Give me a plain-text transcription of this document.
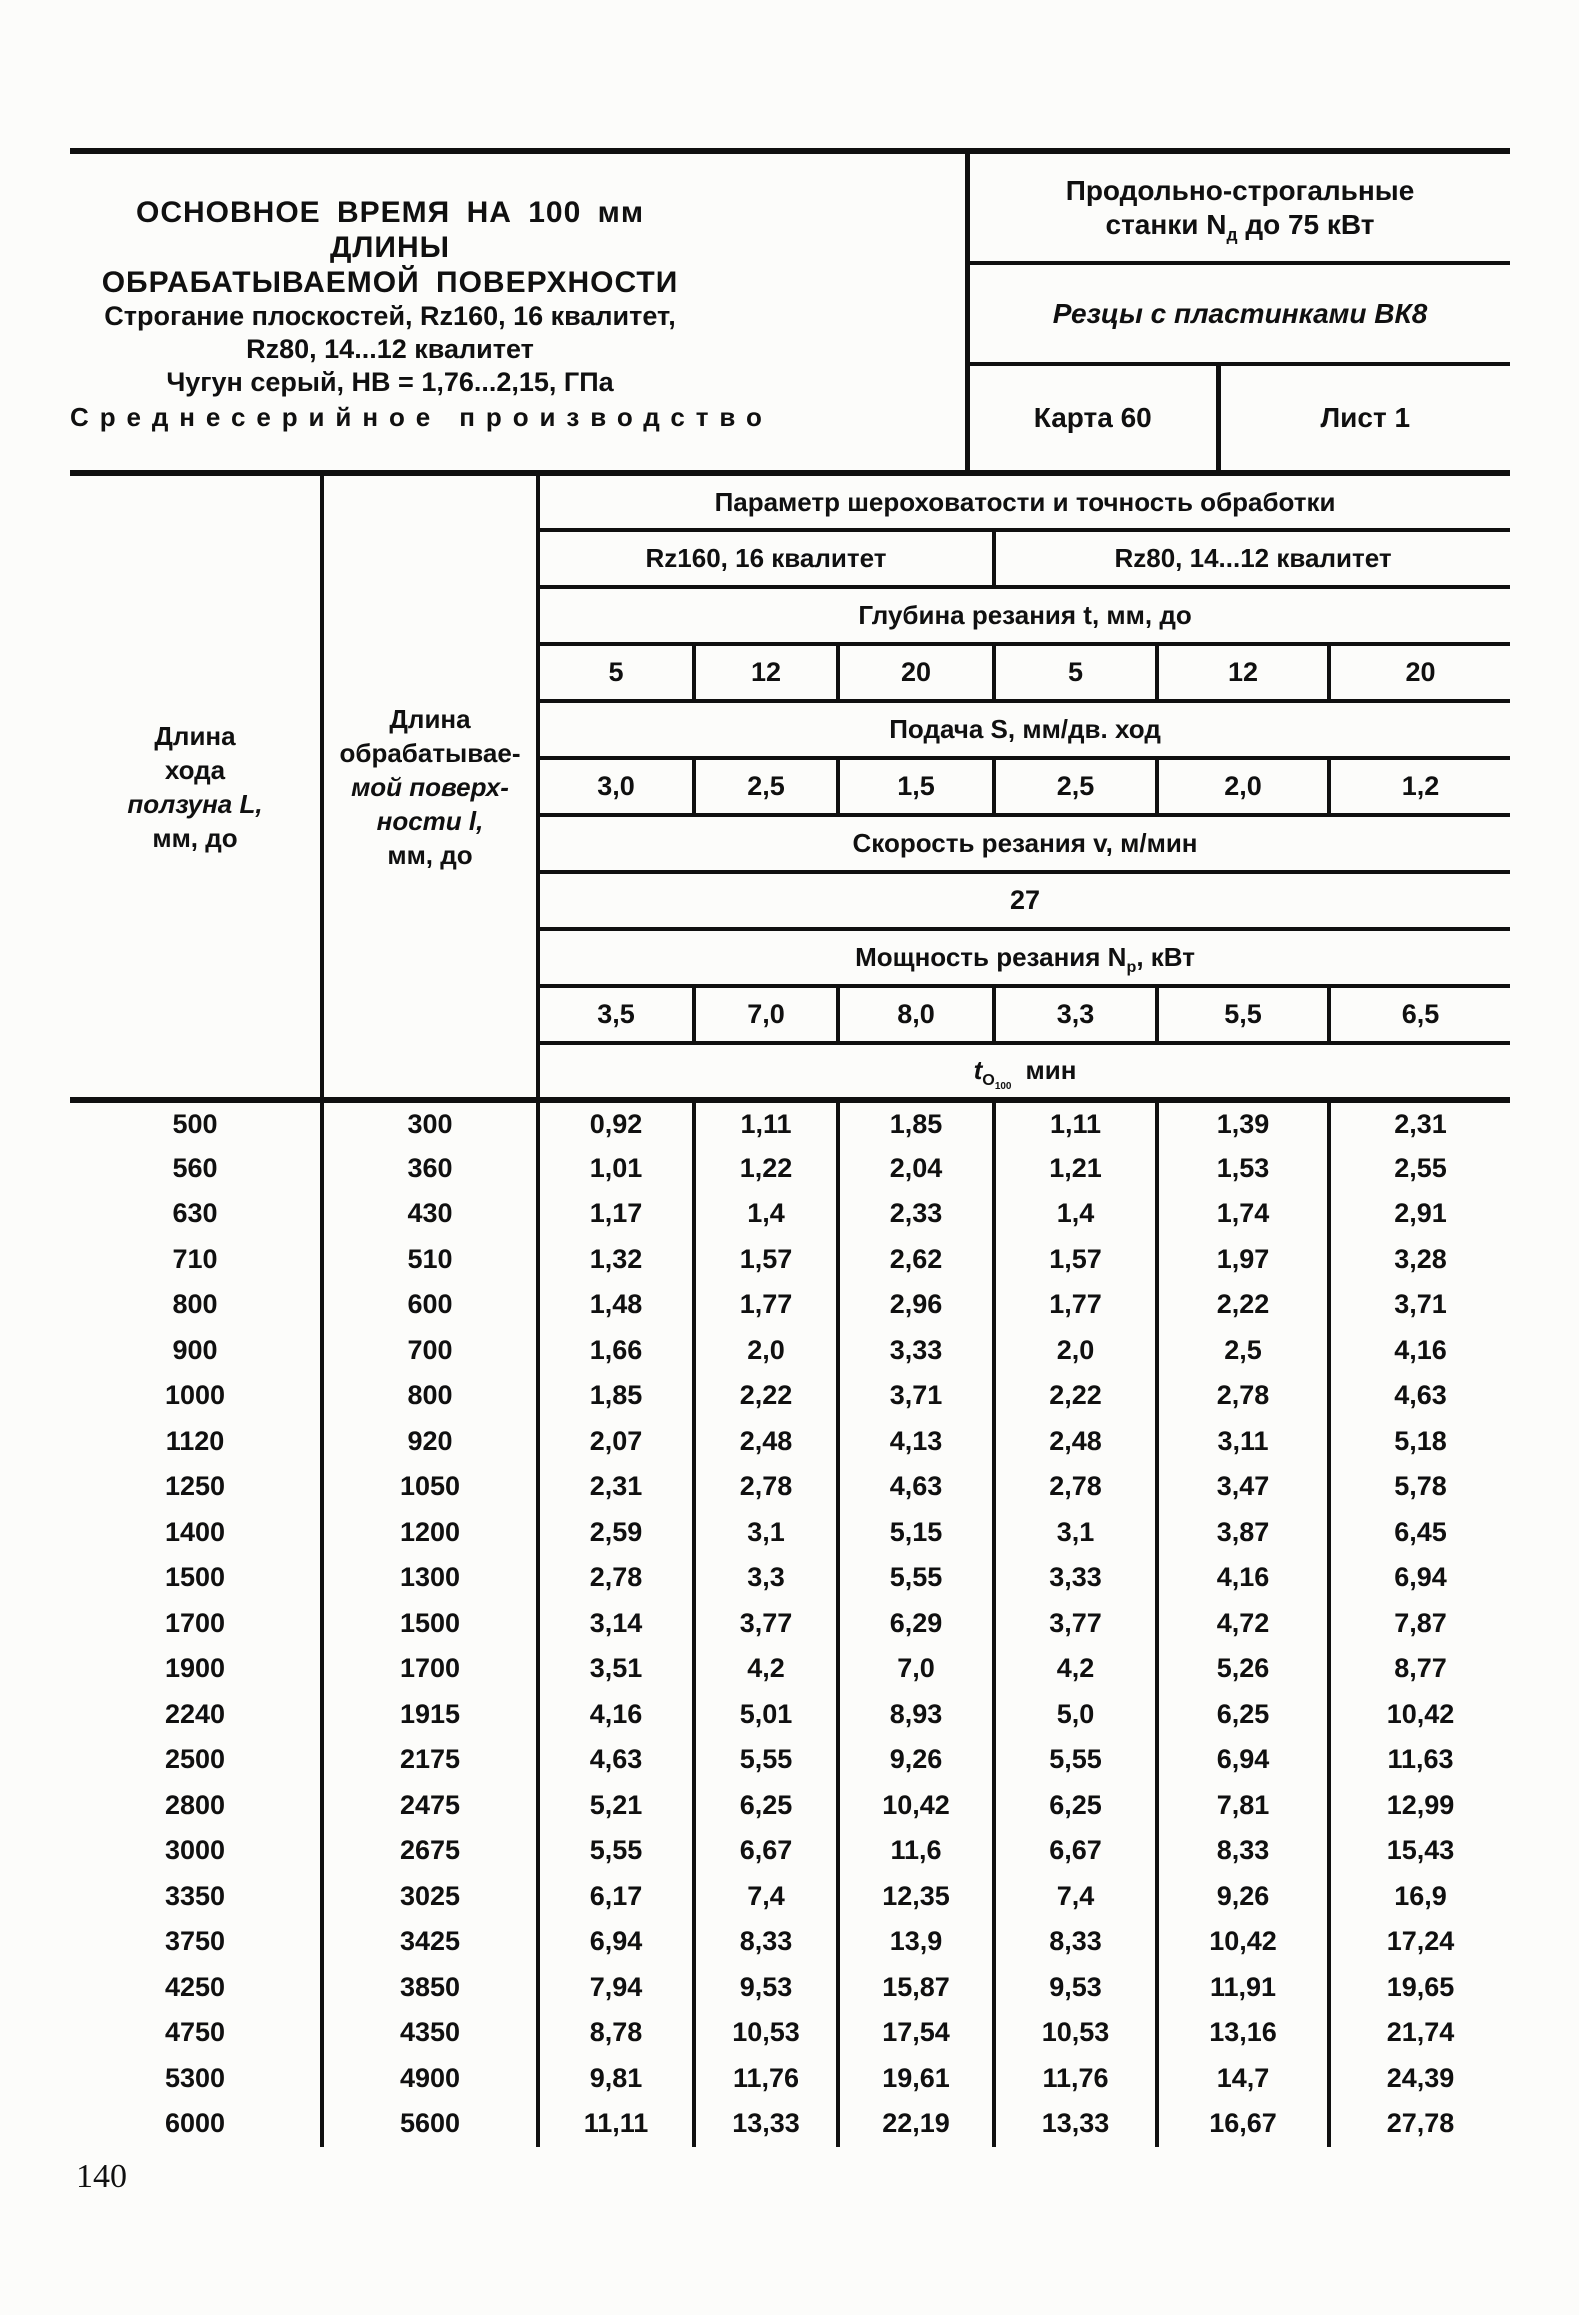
ОСНОВНОЕ ВРЕМЯ НА 100 мм ДЛИНЫ
ОБРАБАТЫВАЕМОЙ ПОВЕРХНОСТИ
Строгание плоскостей, Rz160, 16 квалитет,
Rz80, 14...12 квалитет
Чугун серый, НВ = 1,76...2,15, ГПа
Среднесерийное производство
Продольно-строгальные
станки $N_д$ до 75 кВт
Резцы с пластинками ВК8
Карта 60	Лист 1
Длина
хода
ползуна L,
мм, до

Длина
обрабатывае-
мой поверх-
ности l,
мм, до
	Параметр шероховатости и точность обработки
		Rz160, 16 квалитет			Rz80, 14...12 квалитет		
		Глубина резания t, мм, до					
		5	12	20	5	12	20
		Подача S, мм/дв. ход					
		3,0	2,5	1,5	2,5	2,0	1,2
		Скорость резания v, м/мин					
		27					
		Мощность резания $N_р$, кВт					
		3,5	7,0	8,0	3,3	5,5	6,5
		$t_{О_{100}}мин$					
500	300	0,92	1,11	1,85	1,11	1,39	2,31
560	360	1,01	1,22	2,04	1,21	1,53	2,55
630	430	1,17	1,4	2,33	1,4	1,74	2,91
710	510	1,32	1,57	2,62	1,57	1,97	3,28
800	600	1,48	1,77	2,96	1,77	2,22	3,71
900	700	1,66	2,0	3,33	2,0	2,5	4,16
1000	800	1,85	2,22	3,71	2,22	2,78	4,63
1120	920	2,07	2,48	4,13	2,48	3,11	5,18
1250	1050	2,31	2,78	4,63	2,78	3,47	5,78
1400	1200	2,59	3,1	5,15	3,1	3,87	6,45
1500	1300	2,78	3,3	5,55	3,33	4,16	6,94
1700	1500	3,14	3,77	6,29	3,77	4,72	7,87
1900	1700	3,51	4,2	7,0	4,2	5,26	8,77
2240	1915	4,16	5,01	8,93	5,0	6,25	10,42
2500	2175	4,63	5,55	9,26	5,55	6,94	11,63
2800	2475	5,21	6,25	10,42	6,25	7,81	12,99
3000	2675	5,55	6,67	11,6	6,67	8,33	15,43
3350	3025	6,17	7,4	12,35	7,4	9,26	16,9
3750	3425	6,94	8,33	13,9	8,33	10,42	17,24
4250	3850	7,94	9,53	15,87	9,53	11,91	19,65
4750	4350	8,78	10,53	17,54	10,53	13,16	21,74
5300	4900	9,81	11,76	19,61	11,76	14,7	24,39
6000	5600	11,11	13,33	22,19	13,33	16,67	27,78
140
